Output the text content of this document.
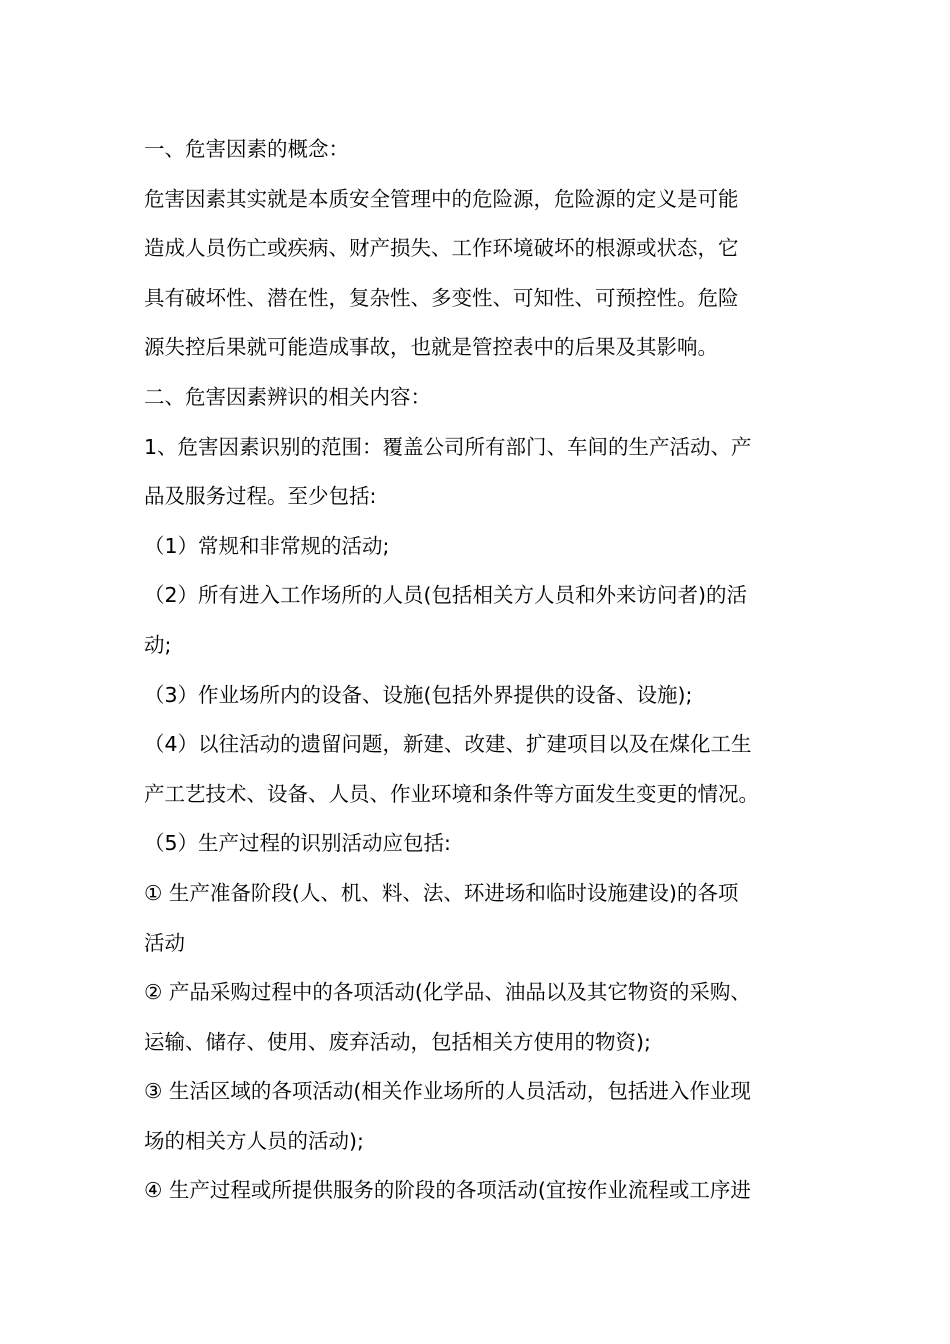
一、危害因素的概念：

危害因素其实就是本质安全管理中的危险源，危险源的定义是可能

造成人员伤亡或疾病、财产损失、工作环境破坏的根源或状态，它

具有破坏性、潜在性，复杂性、多变性、可知性、可预控性。危险

源失控后果就可能造成事故，也就是管控表中的后果及其影响。

二、危害因素辨识的相关内容：

1、危害因素识别的范围：覆盖公司所有部门、车间的生产活动、产

品及服务过程。至少包括:

（1）常规和非常规的活动;

（2）所有进入工作场所的人员(包括相关方人员和外来访问者)的活

动;

（3）作业场所内的设备、设施(包括外界提供的设备、设施);

（4）以往活动的遗留问题，新建、改建、扩建项目以及在煤化工生

产工艺技术、设备、人员、作业环境和条件等方面发生变更的情况。

（5）生产过程的识别活动应包括:

① 生产准备阶段(人、机、料、法、环进场和临时设施建设)的各项

活动

② 产品采购过程中的各项活动(化学品、油品以及其它物资的采购、

运输、储存、使用、废弃活动，包括相关方使用的物资);

③ 生活区域的各项活动(相关作业场所的人员活动，包括进入作业现

场的相关方人员的活动);

④ 生产过程或所提供服务的阶段的各项活动(宜按作业流程或工序进
